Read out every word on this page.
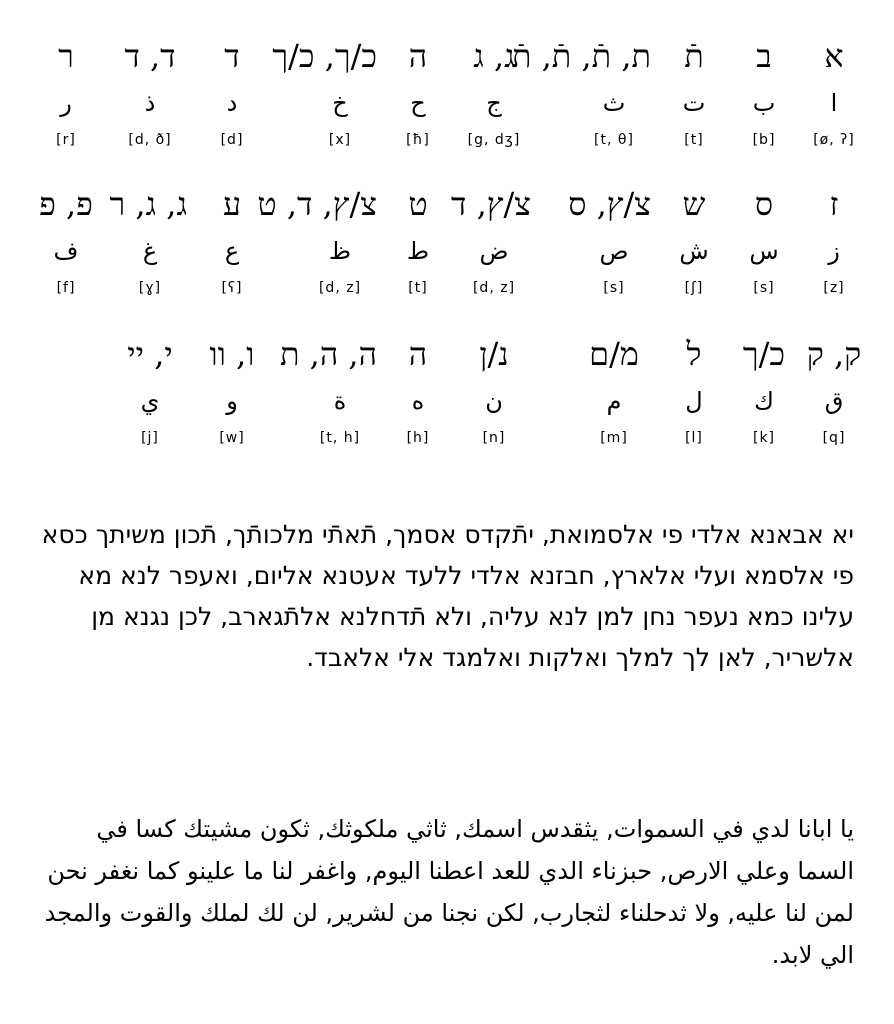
א
ا
[ø, ʔ]
ב
ب
[b]
תֿ
ت
[t]
ת, תֿ, תֿ, תֿ
ث
[t, θ]
ג, ג
ج
[g, dʒ]
ה
ح
[ħ]
כ/ך, כ/ך
خ
[x]
ד
د
[d]
ד, ד
ذ
[d, ð]
ר
ر
[r]
ז
ز
[z]
ס
س
[s]
ש
ش
[ʃ]
צ/ץ, ס
ص
[s]
צ/ץ, ד
ض
[d, z]
ט
ط
[t]
צ/ץ, ד, ט
ظ
[d, z]
ע
ع
[ʕ]
ג, ג, ר
غ
[ɣ]
פ, פ
ف
[f]
ק, ק
ق
[q]
כ/ך
ك
[k]
ל
ل
[l]
מ/ם
م
[m]
נ/ן
ن
[n]
ה
ه
[h]
ה, ה, ת
ة
[t, h]
ו, וו
و
[w]
י, יי
ي
[j]
יא אבאנא אלדי פי אלסמואת, יתֿקדס אסמך, תֿאתֿי מלכותֿך, תֿכון משיתך כסא פי אלסמא ועלי אלארץ, חבזנא אלדי ללעד אעטנא אליום, ואעפר לנא מא עלינו כמא נעפר נחן למן לנא עליה, ולא תֿדחלנא אלתֿגארב, לכן נגנא מן אלשריר, לאן לך למלך ואלקות ואלמגד אלי אלאבד.
يا ابانا لدي في السموات, يثقدس اسمك, ثاثي ملكوثك, ثكون مشيتك كسا في السما وعلي الارص, حبزناء الدي للعد اعطنا اليوم, واغفر لنا ما علينو كما نغفر نحن لمن لنا عليه, ولا ثدحلناء لثجارب, لكن نجنا من لشرير, لن لك لملك والقوت والمجد الي لابد.
